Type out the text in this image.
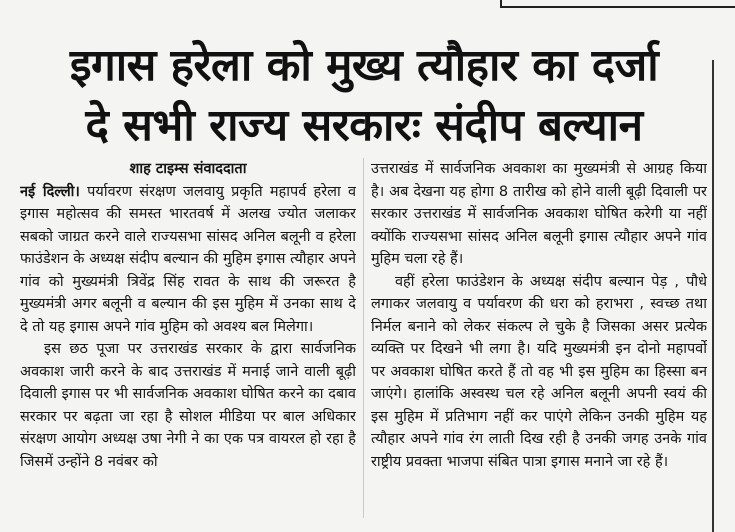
इगास हरेला को मुख्य त्यौहार का दर्जा
दे सभी राज्य सरकारः संदीप बल्यान

शाह टाइम्स संवाददाता

नई दिल्ली। पर्यावरण संरक्षण जलवायु प्रकृति महापर्व हरेला व इगास महोत्सव की समस्त भारतवर्ष में अलख ज्योत जलाकर सबको जाग्रत करने वाले राज्यसभा सांसद अनिल बलूनी व हरेला फाउंडेशन के अध्यक्ष संदीप बल्यान की मुहिम इगास त्यौहार अपने गांव को मुख्यमंत्री त्रिवेंद्र सिंह रावत के साथ की जरूरत है मुख्यमंत्री अगर बलूनी व बल्यान की इस मुहिम में उनका साथ दे दे तो यह इगास अपने गांव मुहिम को अवश्य बल मिलेगा।

इस छठ पूजा पर उत्तराखंड सरकार के द्वारा सार्वजनिक अवकाश जारी करने के बाद उत्तराखंड में मनाई जाने वाली बूढ़ी दिवाली इगास पर भी सार्वजनिक अवकाश घोषित करने का दबाव सरकार पर बढ़ता जा रहा है सोशल मीडिया पर बाल अधिकार संरक्षण आयोग अध्यक्ष उषा नेगी ने का एक पत्र वायरल हो रहा है जिसमें उन्होंने 8 नवंबर को

उत्तराखंड में सार्वजनिक अवकाश का मुख्यमंत्री से आग्रह किया है। अब देखना यह होगा 8 तारीख को होने वाली बूढ़ी दिवाली पर सरकार उत्तराखंड में सार्वजनिक अवकाश घोषित करेगी या नहीं क्योंकि राज्यसभा सांसद अनिल बलूनी इगास त्यौहार अपने गांव मुहिम चला रहे हैं।

वहीं हरेला फाउंडेशन के अध्यक्ष संदीप बल्यान पेड़ , पौधे लगाकर जलवायु व पर्यावरण की धरा को हराभरा , स्वच्छ तथा निर्मल बनाने को लेकर संकल्प ले चुके है जिसका असर प्रत्येक व्यक्ति पर दिखने भी लगा है। यदि मुख्यमंत्री इन दोनो महापर्वो पर अवकाश घोषित करते हैं तो वह भी इस मुहिम का हिस्सा बन जाएंगे। हालांकि अस्वस्थ चल रहे अनिल बलूनी अपनी स्वयं की इस मुहिम में प्रतिभाग नहीं कर पाएंगे लेकिन उनकी मुहिम यह त्यौहार अपने गांव रंग लाती दिख रही है उनकी जगह उनके गांव राष्ट्रीय प्रवक्ता भाजपा संबित पात्रा इगास मनाने जा रहे हैं।
